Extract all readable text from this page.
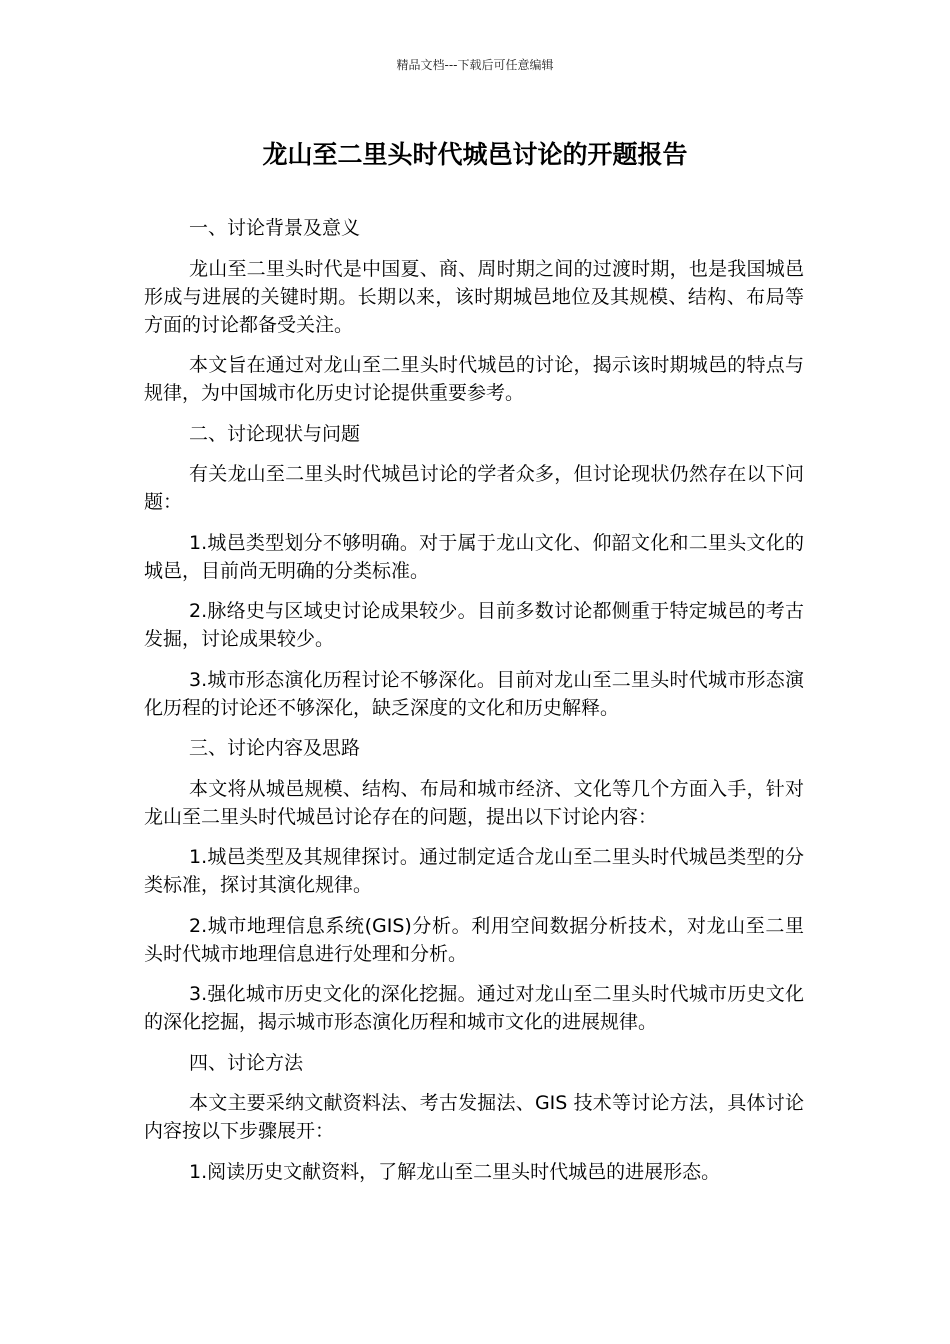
精品文档---下载后可任意编辑
龙山至二里头时代城邑讨论的开题报告

一、讨论背景及意义

龙山至二里头时代是中国夏、商、周时期之间的过渡时期，也是我国城邑形成与进展的关键时期。长期以来，该时期城邑地位及其规模、结构、布局等方面的讨论都备受关注。

本文旨在通过对龙山至二里头时代城邑的讨论，揭示该时期城邑的特点与规律，为中国城市化历史讨论提供重要参考。

二、讨论现状与问题

有关龙山至二里头时代城邑讨论的学者众多，但讨论现状仍然存在以下问题：

1.城邑类型划分不够明确。对于属于龙山文化、仰韶文化和二里头文化的城邑，目前尚无明确的分类标准。

2.脉络史与区域史讨论成果较少。目前多数讨论都侧重于特定城邑的考古发掘，讨论成果较少。

3.城市形态演化历程讨论不够深化。目前对龙山至二里头时代城市形态演化历程的讨论还不够深化，缺乏深度的文化和历史解释。

三、讨论内容及思路

本文将从城邑规模、结构、布局和城市经济、文化等几个方面入手，针对龙山至二里头时代城邑讨论存在的问题，提出以下讨论内容：

1.城邑类型及其规律探讨。通过制定适合龙山至二里头时代城邑类型的分类标准，探讨其演化规律。

2.城市地理信息系统(GIS)分析。利用空间数据分析技术，对龙山至二里头时代城市地理信息进行处理和分析。

3.强化城市历史文化的深化挖掘。通过对龙山至二里头时代城市历史文化的深化挖掘，揭示城市形态演化历程和城市文化的进展规律。

四、讨论方法

本文主要采纳文献资料法、考古发掘法、GIS 技术等讨论方法，具体讨论内容按以下步骤展开：

1.阅读历史文献资料，了解龙山至二里头时代城邑的进展形态。
